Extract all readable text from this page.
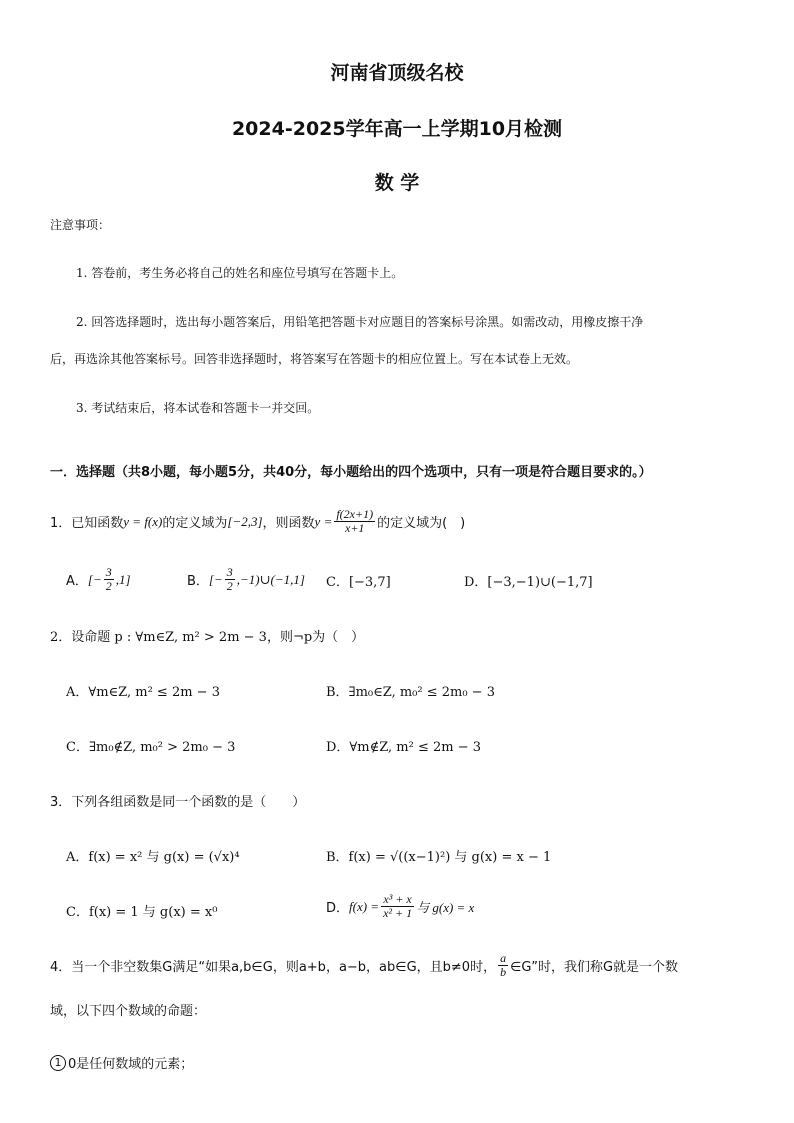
河南省顶级名校
2024-2025学年高一上学期10月检测
数 学
注意事项：
1. 答卷前，考生务必将自己的姓名和座位号填写在答题卡上。
2. 回答选择题时，选出每小题答案后，用铅笔把答题卡对应题目的答案标号涂黑。如需改动，用橡皮擦干净
后，再选涂其他答案标号。回答非选择题时，将答案写在答题卡的相应位置上。写在本试卷上无效。
3. 考试结束后，将本试卷和答题卡一并交回。
一．选择题（共8小题，每小题5分，共40分，每小题给出的四个选项中，只有一项是符合题目要求的。）
1．已知函数 y = f(x) 的定义域为 [−2,3] ，则函数 $y = \frac{f(2x+1)}{x+1}$ 的定义域为(　)
A． [− $\frac{3}{2} ,1$]	B． [− $\frac{3}{2}$ ,−1)∪(−1,1] C．[−3,7]	D．[−3,−1)∪(−1,7]
2．设命题 p : ∀m∈Z, m² > 2m − 3，则¬p为（　）
A．∀m∈Z, m² ≤ 2m − 3	B．∃m₀∈Z, m₀² ≤ 2m₀ − 3
C．∃m₀∉Z, m₀² > 2m₀ − 3	D．∀m∉Z, m² ≤ 2m − 3
3．下列各组函数是同一个函数的是（　　）
A．f(x) = x² 与 g(x) = (√x)⁴	B．f(x) = √((x−1)²) 与 g(x) = x − 1
C．f(x) = 1 与 g(x) = x⁰	D． $f(x) = \frac{\text{x³ + x}}{\text{x² + 1}}$ 与 g(x) = x
4．当一个非空数集G满足“如果a,b∈G，则a+b，a−b，ab∈G，且b≠0时， $\frac{a}{b}$ ∈G”时，我们称G就是一个数
域，以下四个数域的命题：
1 0是任何数域的元素；
